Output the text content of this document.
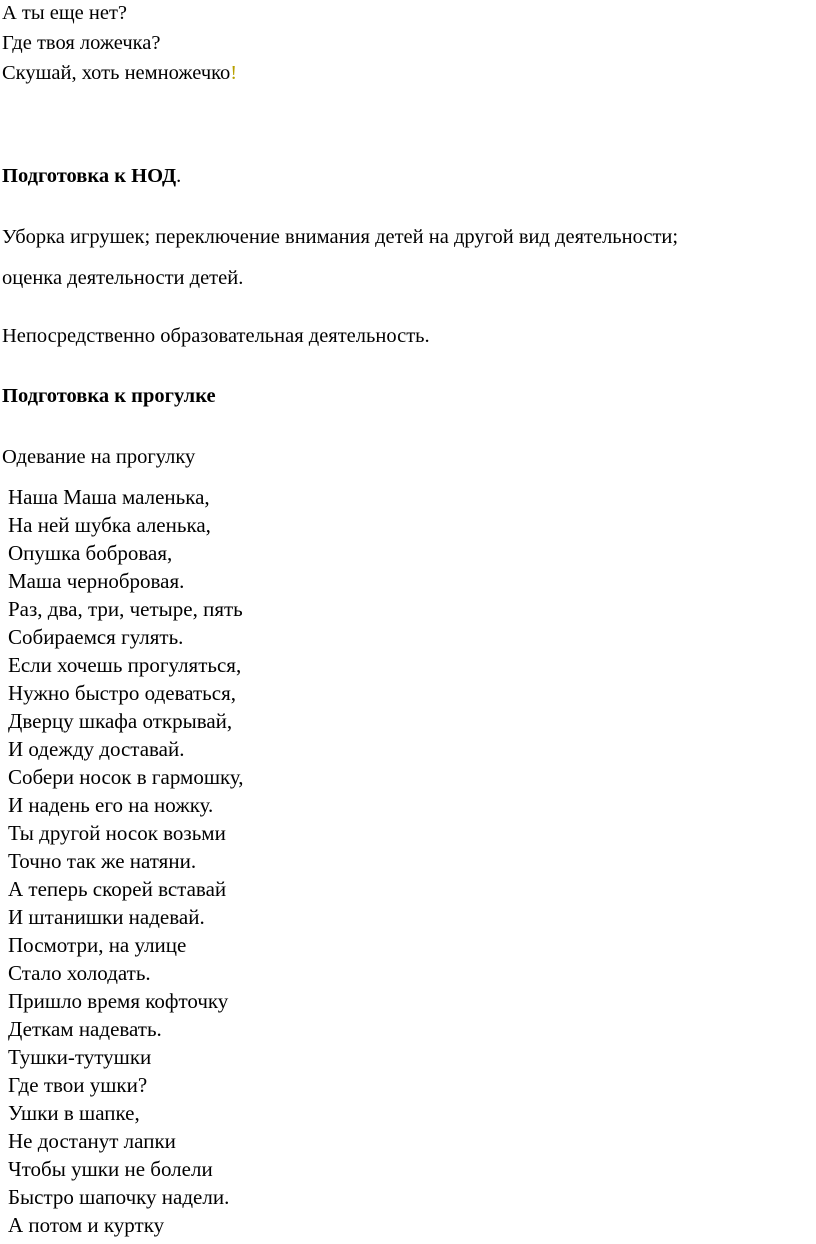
А ты еще нет?
Где твоя ложечка?
Скушай, хоть немножечко!
Подготовка к НОД.
Уборка игрушек; переключение внимания детей на другой вид деятельности;
оценка деятельности детей.
Непосредственно образовательная деятельность.
Подготовка к прогулке
Одевание на прогулку
Наша Маша маленька,
На ней шубка аленька,
Опушка бобровая,
Маша чернобровая.
Раз, два, три, четыре, пять
Собираемся гулять.
Если хочешь прогуляться,
Нужно быстро одеваться,
Дверцу шкафа открывай,
И одежду доставай.
Собери носок в гармошку,
И надень его на ножку.
Ты другой носок возьми
Точно так же натяни.
А теперь скорей вставай
И штанишки надевай.
Посмотри, на улице
Стало холодать.
Пришло время кофточку
Деткам надевать.
Тушки-тутушки
Где твои ушки?
Ушки в шапке,
Не достанут лапки
Чтобы ушки не болели
Быстро шапочку надели.
А потом и куртку
